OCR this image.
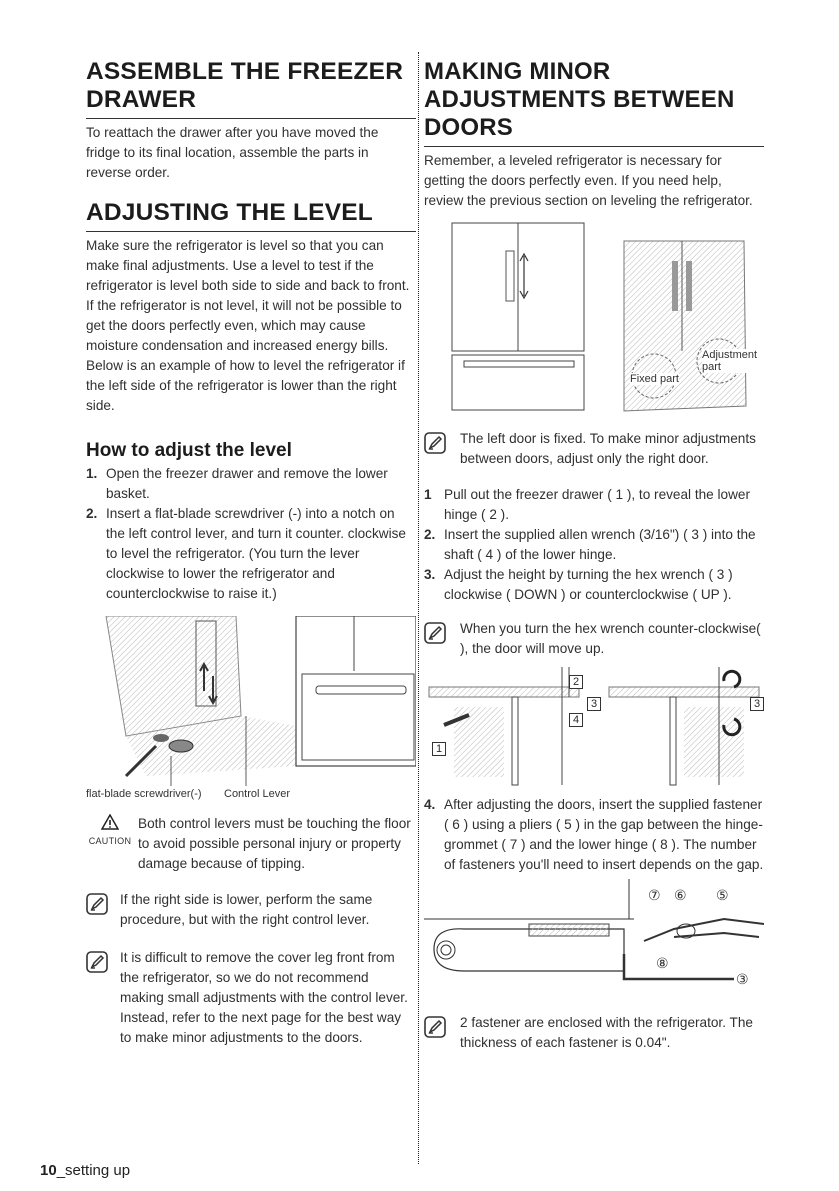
ASSEMBLE THE FREEZER DRAWER

To reattach the drawer after you have moved the fridge to its final location, assemble the parts in reverse order.

ADJUSTING THE LEVEL

Make sure the refrigerator is level so that you can make final adjustments. Use a level to test if the refrigerator is level both side to side and back to front. If the refrigerator is not level, it will not be possible to get the doors perfectly even, which may cause moisture condensation and increased energy bills. Below is an example of how to level the refrigerator if the left side of the refrigerator is lower than the right side.

How to adjust the level
1. Open the freezer drawer and remove the lower basket.
2. Insert a flat-blade screwdriver (-) into a notch on the left control lever, and turn it counter. clockwise to level the refrigerator. (You turn the lever clockwise to lower the refrigerator and counterclockwise to raise it.)
flat-blade screwdriver(-) Control Lever
CAUTION
Both control levers must be touching the floor to avoid possible personal injury or property damage because of tipping.
If the right side is lower, perform the same procedure, but with the right control lever.
It is difficult to remove the cover leg front from the refrigerator, so we do not recommend making small adjustments with the control lever. Instead, refer to the next page for the best way to make minor adjustments to the doors.
MAKING MINOR ADJUSTMENTS BETWEEN DOORS

Remember, a leveled refrigerator is necessary for getting the doors perfectly even. If you need help, review the previous section on leveling the refrigerator.

Fixed part
Adjustment part
The left door is fixed. To make minor adjustments between doors, adjust only the right door.
1 Pull out the freezer drawer ( 1 ), to reveal the lower hinge ( 2 ).
2. Insert the supplied allen wrench (3/16") ( 3 ) into the shaft ( 4 ) of the lower hinge.
3. Adjust the height by turning the hex wrench ( 3 ) clockwise ( DOWN ) or counterclockwise ( UP ).
When you turn the hex wrench counter-clockwise( ), the door will move up.
1
2
3
4
3
4. After adjusting the doors, insert the supplied fastener ( 6 ) using a pliers ( 5 ) in the gap between the hinge-grommet ( 7 ) and the lower hinge ( 8 ). The number of fasteners you'll need to insert depends on the gap.
⑦ ⑥ ⑤
⑧
③
2 fastener are enclosed with the refrigerator. The thickness of each fastener is 0.04".
10_setting up
